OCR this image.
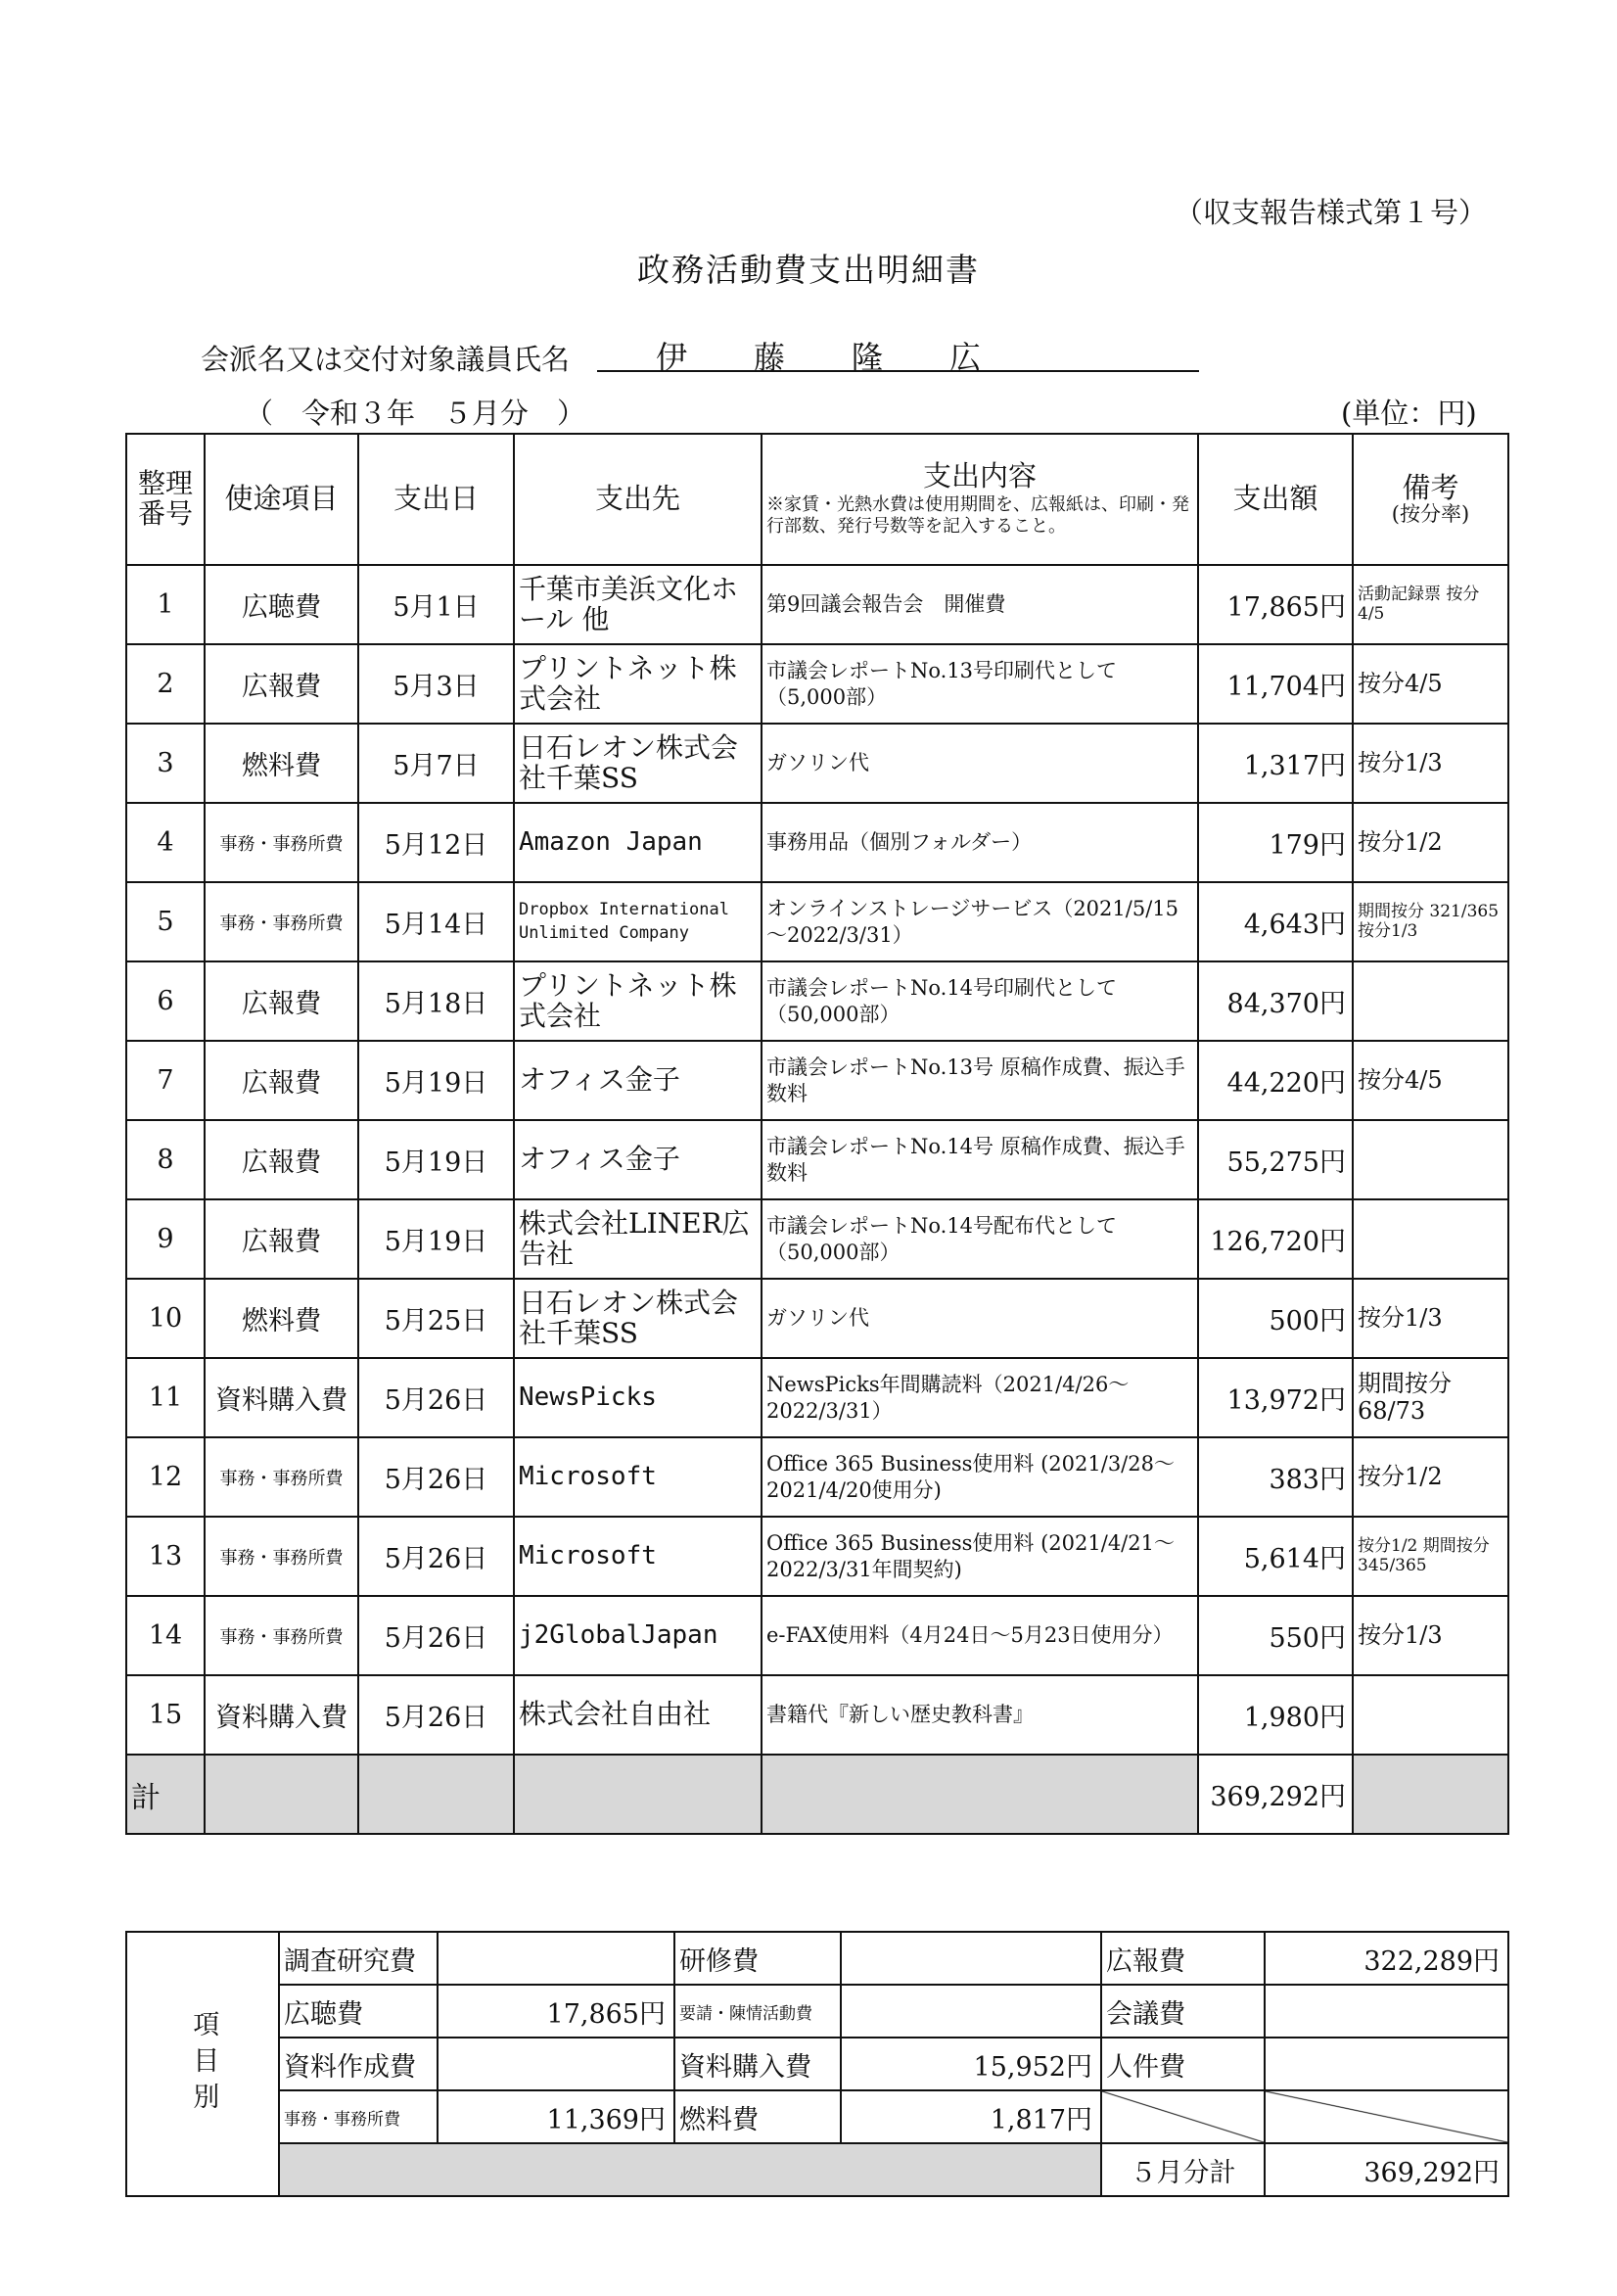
（収支報告様式第１号）
政務活動費支出明細書
会派名又は交付対象議員氏名	伊藤隆広
（　令和３年　５月分　）	(単位：円)
整理番号	使途項目	支出日	支出先	支出内容
※家賃・光熱水費は使用期間を、広報紙は、印刷・発行部数、発行号数等を記入すること。	支出額	備考
(按分率)

1	広聴費	5月1日	千葉市美浜文化ホール 他	第9回議会報告会　開催費	17,865円	活動記録票 按分4/5
2	広報費	5月3日	プリントネット株式会社	市議会レポートNo.13号印刷代として（5,000部）	11,704円	按分4/5
3	燃料費	5月7日	日石レオン株式会社千葉SS	ガソリン代	1,317円	按分1/3
4	事務・事務所費	5月12日	Amazon Japan	事務用品（個別フォルダー）	179円	按分1/2
5	事務・事務所費	5月14日	Dropbox International Unlimited Company	オンラインストレージサービス（2021/5/15～2022/3/31）	4,643円	期間按分 321/365 按分1/3
6	広報費	5月18日	プリントネット株式会社	市議会レポートNo.14号印刷代として（50,000部）	84,370円	
7	広報費	5月19日	オフィス金子	市議会レポートNo.13号 原稿作成費、振込手数料	44,220円	按分4/5
8	広報費	5月19日	オフィス金子	市議会レポートNo.14号 原稿作成費、振込手数料	55,275円	
9	広報費	5月19日	株式会社LINER広告社	市議会レポートNo.14号配布代として（50,000部）	126,720円	
10	燃料費	5月25日	日石レオン株式会社千葉SS	ガソリン代	500円	按分1/3
11	資料購入費	5月26日	NewsPicks	NewsPicks年間購読料（2021/4/26～2022/3/31）	13,972円	期間按分 68/73
12	事務・事務所費	5月26日	Microsoft	Office 365 Business使用料 (2021/3/28～2021/4/20使用分)	383円	按分1/2
13	事務・事務所費	5月26日	Microsoft	Office 365 Business使用料 (2021/4/21～2022/3/31年間契約)	5,614円	按分1/2 期間按分 345/365
14	事務・事務所費	5月26日	j2GlobalJapan	e-FAX使用料（4月24日～5月23日使用分）	550円	按分1/3
15	資料購入費	5月26日	株式会社自由社	書籍代『新しい歴史教科書』	1,980円	
計					369,292円	
項目別	調査研究費		研修費		広報費	322,289円
	広聴費	17,865円	要請・陳情活動費		会議費	
	資料作成費		資料購入費	15,952円	人件費	
	事務・事務所費	11,369円	燃料費	1,817円		
					５月分計	369,292円
